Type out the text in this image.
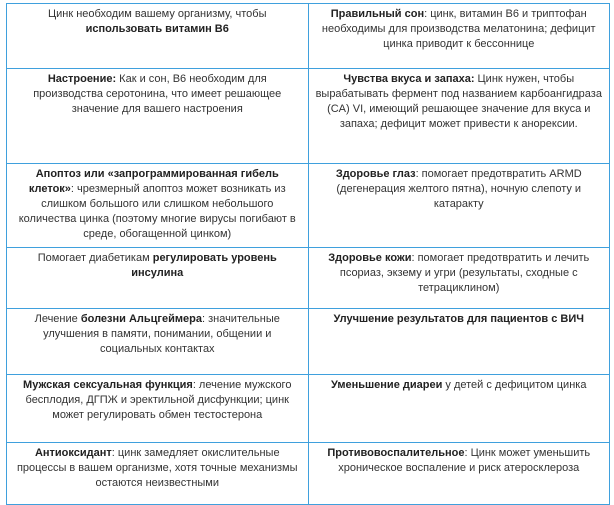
Цинк необходим вашему организму, чтобы использовать витамин B6	Правильный сон: цинк, витамин B6 и триптофан необходимы для производства мелатонина; дефицит цинка приводит к бессоннице
Настроение: Как и сон, B6 необходим для производства серотонина, что имеет решающее значение для вашего настроения	Чувства вкуса и запаха: Цинк нужен, чтобы вырабатывать фермент под названием карбоангидраза (CA) VI, имеющий решающее значение для вкуса и запаха; дефицит может привести к анорексии.
Апоптоз или «запрограммированная гибель клеток»: чрезмерный апоптоз может возникать из слишком большого или слишком небольшого количества цинка (поэтому многие вирусы погибают в среде, обогащенной цинком)	Здоровье глаз: помогает предотвратить ARMD (дегенерация желтого пятна), ночную слепоту и катаракту
Помогает диабетикам регулировать уровень инсулина	Здоровье кожи: помогает предотвратить и лечить псориаз, экзему и угри (результаты, сходные с тетрациклином)
Лечение болезни Альцгеймера: значительные улучшения в памяти, понимании, общении и социальных контактах	Улучшение результатов для пациентов с ВИЧ
Мужская сексуальная функция: лечение мужского бесплодия, ДГПЖ и эректильной дисфункции; цинк может регулировать обмен тестостерона	Уменьшение диареи у детей с дефицитом цинка
Антиоксидант: цинк замедляет окислительные процессы в вашем организме, хотя точные механизмы остаются неизвестными	Противовоспалительное: Цинк может уменьшить хроническое воспаление и риск атеросклероза
